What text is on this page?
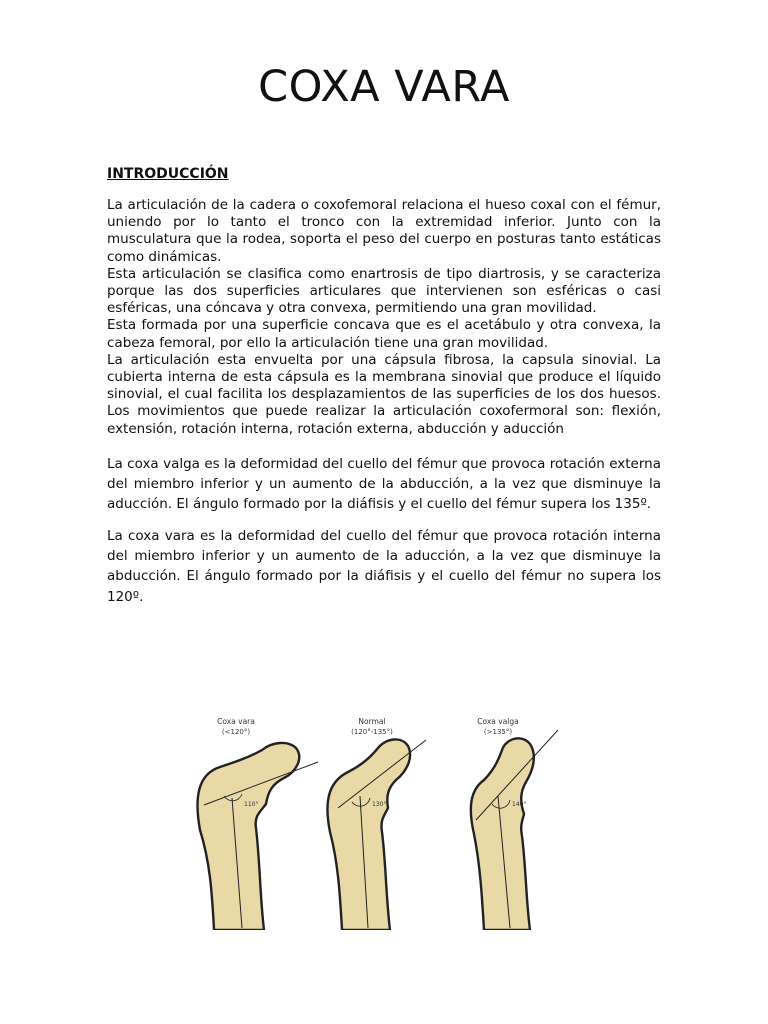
COXA VARA
INTRODUCCIÓN

La articulación de la cadera o coxofemoral relaciona el hueso coxal con el fémur, uniendo por lo tanto el tronco con la extremidad inferior. Junto con la musculatura que la rodea, soporta el peso del cuerpo en posturas tanto estáticas como dinámicas.

Esta articulación se clasifica como enartrosis de tipo diartrosis, y se caracteriza porque las dos superficies articulares que intervienen son esféricas o casi esféricas, una cóncava y otra convexa, permitiendo una gran movilidad.

Esta formada por una superficie concava que es el acetábulo y otra convexa, la cabeza femoral, por ello la articulación tiene una gran movilidad.

La articulación esta envuelta por una cápsula fibrosa, la capsula sinovial. La cubierta interna de esta cápsula es la membrana sinovial que produce el líquido sinovial, el cual facilita los desplazamientos de las superficies de los dos huesos. Los movimientos que puede realizar la articulación coxofermoral son: flexión, extensión, rotación interna, rotación externa, abducción y aducción

La coxa valga es la deformidad del cuello del fémur que provoca rotación externa del miembro inferior y un aumento de la abducción, a la vez que disminuye la aducción. El ángulo formado por la diáfisis y el cuello del fémur supera los 135º.

La coxa vara es la deformidad del cuello del fémur que provoca rotación interna del miembro inferior y un aumento de la aducción, a la vez que disminuye la abducción. El ángulo formado por la diáfisis y el cuello del fémur no supera los 120º.

Coxa vara
(<120°)
110°
Normal
(120°-135°)
130°
Coxa valga
(>135°)
140°
